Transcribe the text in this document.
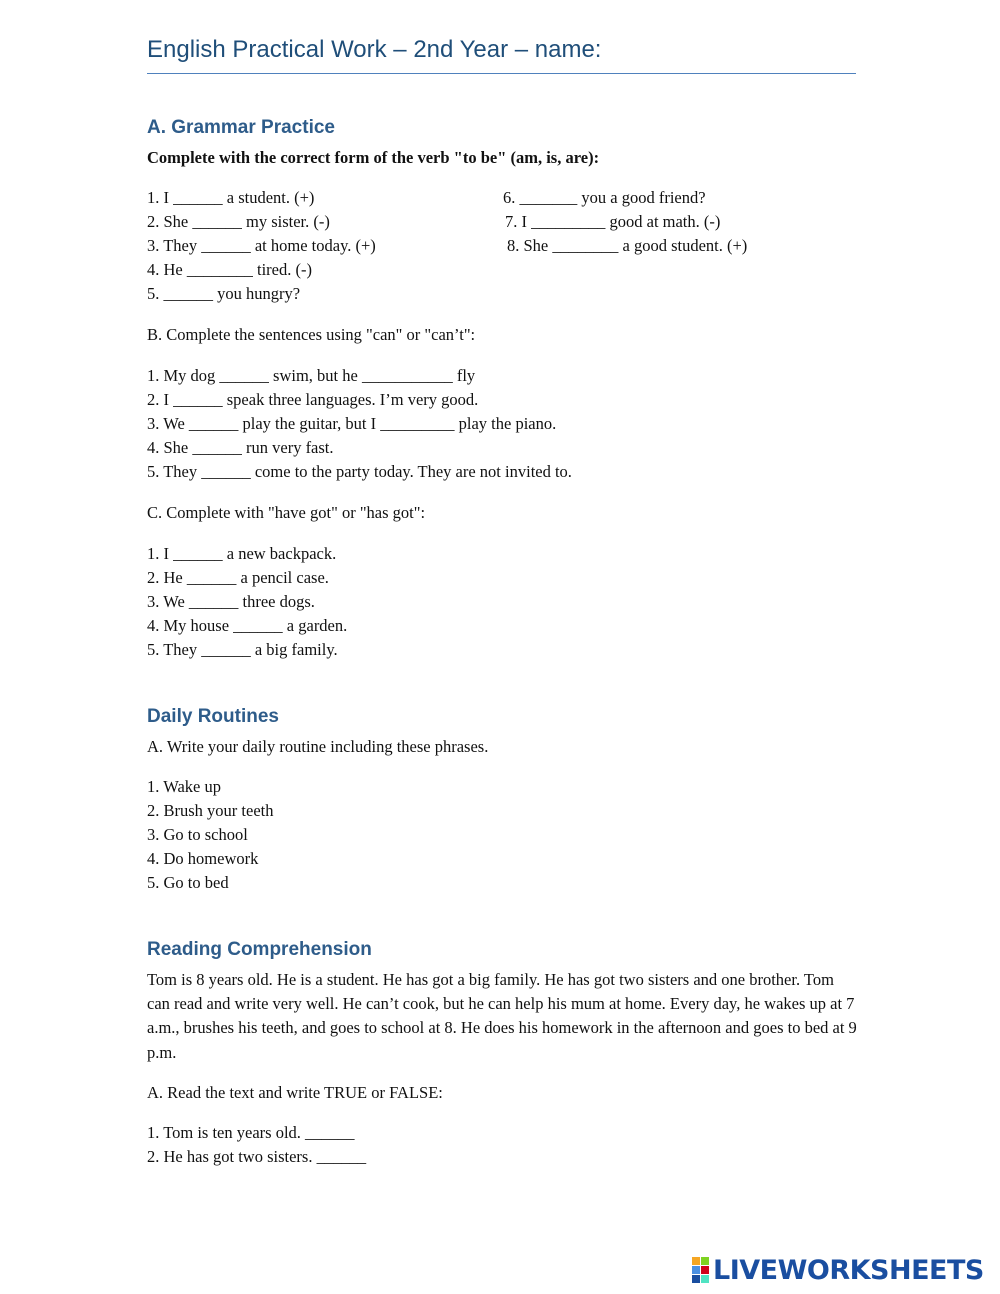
English Practical Work – 2nd Year – name:
A. Grammar Practice
Complete with the correct form of the verb "to be" (am, is, are):
1. I ______ a student. (+)
2. She ______ my sister. (-)
3. They ______ at home today. (+)
4. He ________ tired. (-)
5. ______ you hungry?
6. _______ you a good friend?
7. I _________ good at math. (-)
8. She ________ a good student. (+)
B. Complete the sentences using "can" or "can’t":
1. My dog ______ swim, but he ___________ fly
2. I ______ speak three languages. I’m very good.
3. We ______ play the guitar, but I _________ play the piano.
4. She ______ run very fast.
5. They ______ come to the party today. They are not invited to.
C. Complete with "have got" or "has got":
1. I ______ a new backpack.
2. He ______ a pencil case.
3. We ______ three dogs.
4. My house ______ a garden.
5. They ______ a big family.
Daily Routines
A. Write your daily routine including these phrases.
1. Wake up
2. Brush your teeth
3. Go to school
4. Do homework
5. Go to bed
Reading Comprehension
Tom is 8 years old. He is a student. He has got a big family. He has got two sisters and one brother. Tom can read and write very well. He can’t cook, but he can help his mum at home. Every day, he wakes up at 7 a.m., brushes his teeth, and goes to school at 8. He does his homework in the afternoon and goes to bed at 9 p.m.
A. Read the text and write TRUE or FALSE:
1. Tom is ten years old. ______
2. He has got two sisters. ______
LIVEWORKSHEETS
